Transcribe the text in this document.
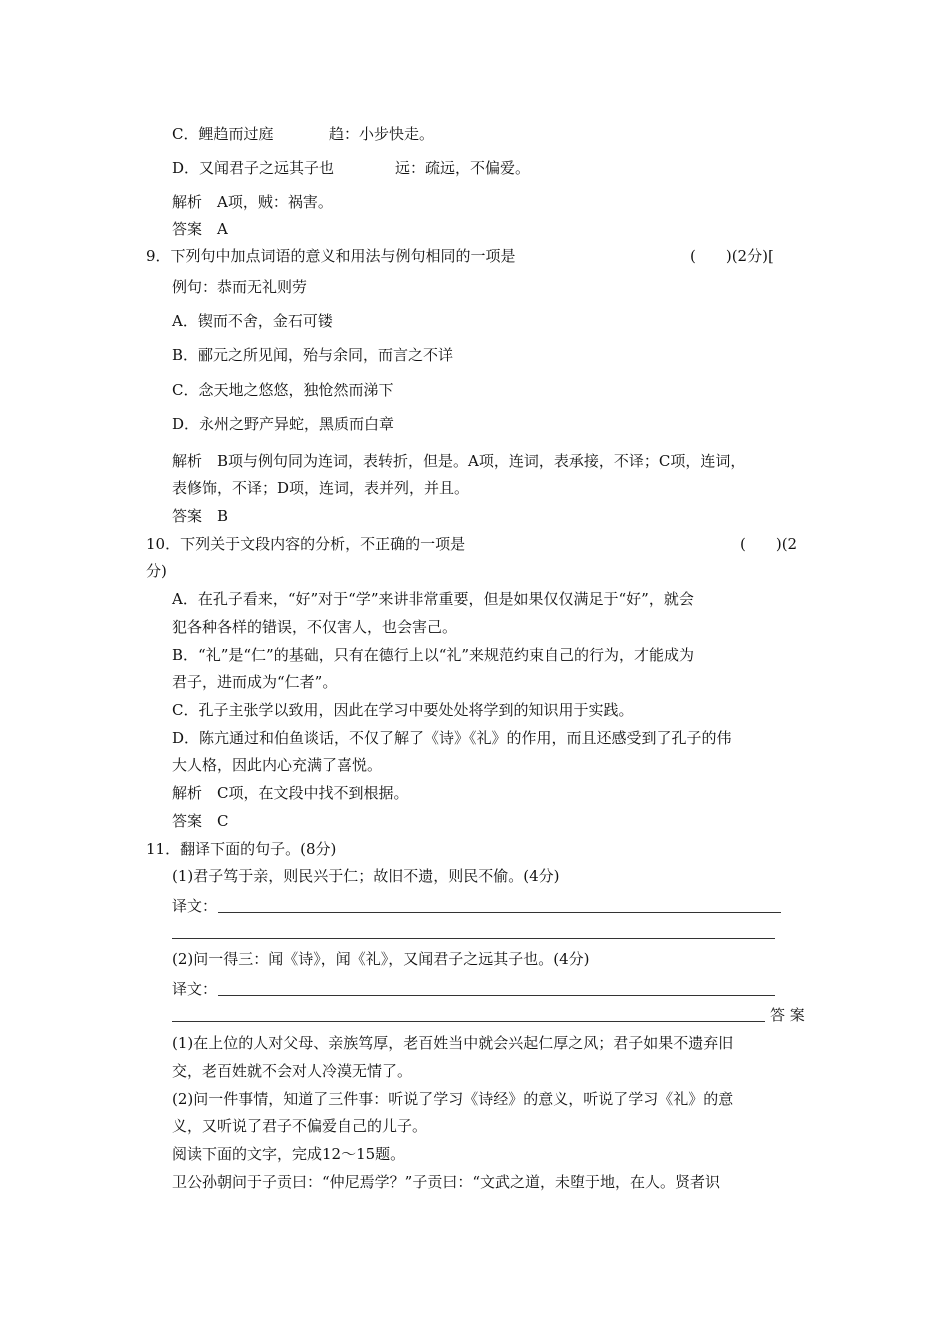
C．鲤趋而过庭	趋：小步快走。
D．又闻君子之远其子也	远：疏远，不偏爱。
解析　A项，贼：祸害。
答案　A
9．下列句中加点词语的意义和用法与例句相同的一项是	(　　)(2分)[
例句：恭而无礼则劳
A．锲而不舍，金石可镂
B．郦元之所见闻，殆与余同，而言之不详
C．念天地之悠悠，独怆然而涕下
D．永州之野产异蛇，黑质而白章
解析　B项与例句同为连词，表转折，但是。A项，连词，表承接，不译；C项，连词，
表修饰，不译；D项，连词，表并列，并且。
答案　B
10．下列关于文段内容的分析，不正确的一项是	(　　)(2
分)
A．在孔子看来，“好”对于“学”来讲非常重要，但是如果仅仅满足于“好”，就会
犯各种各样的错误，不仅害人，也会害己。
B．“礼”是“仁”的基础，只有在德行上以“礼”来规范约束自己的行为，才能成为
君子，进而成为“仁者”。
C．孔子主张学以致用，因此在学习中要处处将学到的知识用于实践。
D．陈亢通过和伯鱼谈话，不仅了解了《诗》《礼》的作用，而且还感受到了孔子的伟
大人格，因此内心充满了喜悦。
解析　C项，在文段中找不到根据。
答案　C
11．翻译下面的句子。(8分)
(1)君子笃于亲，则民兴于仁；故旧不遗，则民不偷。(4分)
译文：
(2)问一得三：闻《诗》，闻《礼》，又闻君子之远其子也。(4分)
译文：
答 案
(1)在上位的人对父母、亲族笃厚，老百姓当中就会兴起仁厚之风；君子如果不遗弃旧
交，老百姓就不会对人冷漠无情了。
(2)问一件事情，知道了三件事：听说了学习《诗经》的意义，听说了学习《礼》的意
义，又听说了君子不偏爱自己的儿子。
阅读下面的文字，完成12～15题。
卫公孙朝问于子贡曰：“仲尼焉学？”子贡曰：“文武之道，未堕于地，在人。贤者识
